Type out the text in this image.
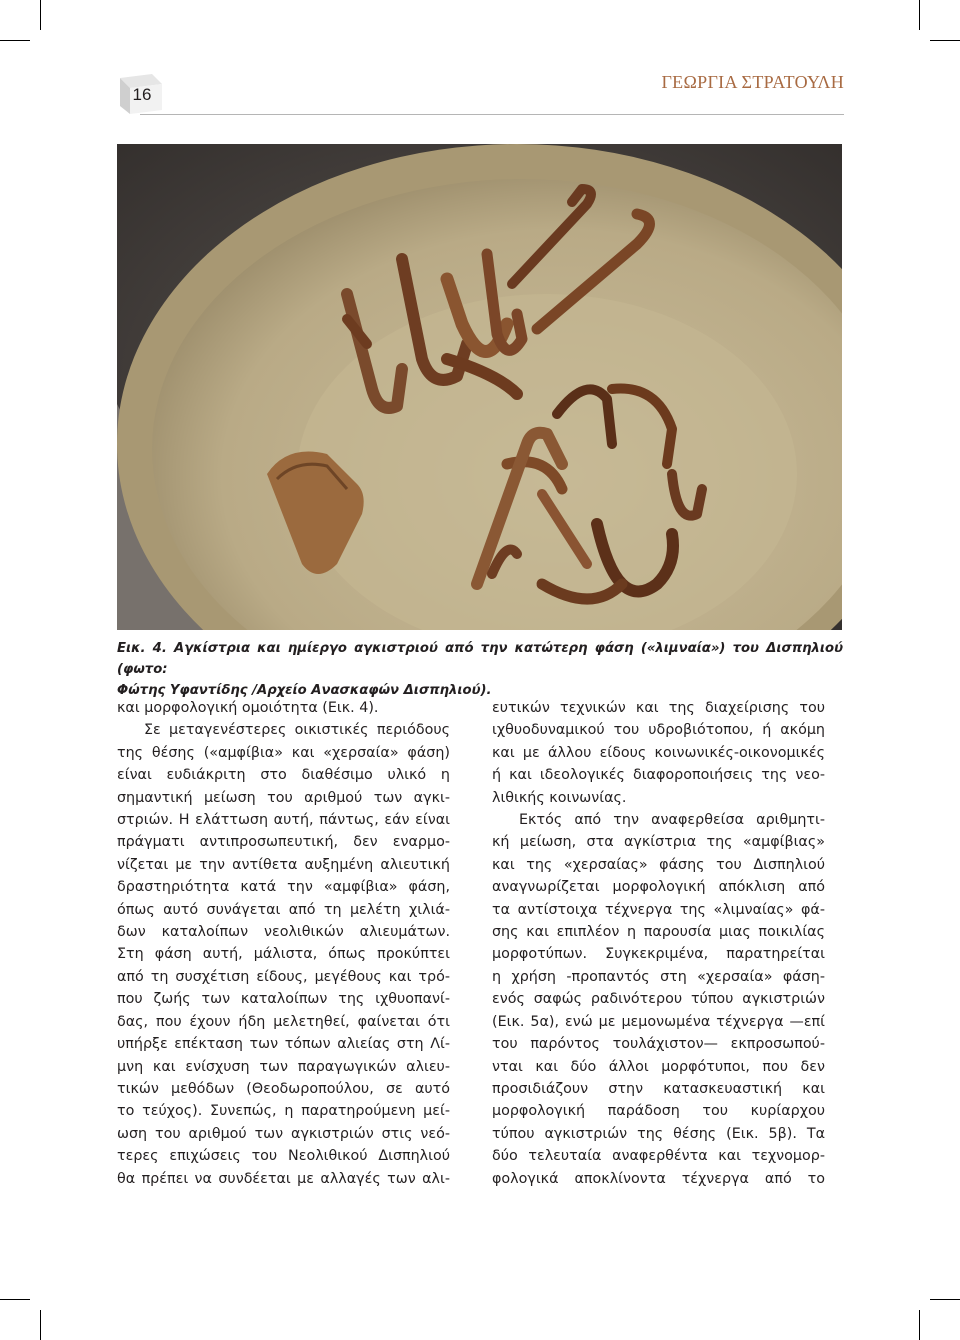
16
ΓΕΩΡΓΙΑ ΣΤΡΑΤΟΥΛΗ
Εικ. 4. Αγκίστρια και ημίεργο αγκιστριού από την κατώτερη φάση («λιμναία») του Δισπηλιού (φωτο:
Φώτης Υφαντίδης /Αρχείο Ανασκαφών Δισπηλιού).
και μορφολογική ομοιότητα (Εικ. 4).
Σε μεταγενέστερες οικιστικές περιόδους
της θέσης («αμφίβια» και «χερσαία» φάση)
είναι ευδιάκριτη στο διαθέσιμο υλικό η
σημαντική μείωση του αριθμού των αγκι-
στριών. Η ελάττωση αυτή, πάντως, εάν είναι
πράγματι αντιπροσωπευτική, δεν εναρμο-
νίζεται με την αντίθετα αυξημένη αλιευτική
δραστηριότητα κατά την «αμφίβια» φάση,
όπως αυτό συνάγεται από τη μελέτη χιλιά-
δων καταλοίπων νεολιθικών αλιευμάτων.
Στη φάση αυτή, μάλιστα, όπως προκύπτει
από τη συσχέτιση είδους, μεγέθους και τρό-
που ζωής των καταλοίπων της ιχθυοπανί-
δας, που έχουν ήδη μελετηθεί, φαίνεται ότι
υπήρξε επέκταση των τόπων αλιείας στη Λί-
μνη και ενίσχυση των παραγωγικών αλιευ-
τικών μεθόδων (Θεοδωροπούλου, σε αυτό
το τεύχος). Συνεπώς, η παρατηρούμενη μεί-
ωση του αριθμού των αγκιστριών στις νεό-
τερες επιχώσεις του Νεολιθικού Δισπηλιού
θα πρέπει να συνδέεται με αλλαγές των αλι-
ευτικών τεχνικών και της διαχείρισης του
ιχθυοδυναμικού του υδροβιότοπου, ή ακόμη
και με άλλου είδους κοινωνικές-οικονομικές
ή και ιδεολογικές διαφοροποιήσεις της νεο-
λιθικής κοινωνίας.
Εκτός από την αναφερθείσα αριθμητι-
κή μείωση, στα αγκίστρια της «αμφίβιας»
και της «χερσαίας» φάσης του Δισπηλιού
αναγνωρίζεται μορφολογική απόκλιση από
τα αντίστοιχα τέχνεργα της «λιμναίας» φά-
σης και επιπλέον η παρουσία μιας ποικιλίας
μορφοτύπων. Συγκεκριμένα, παρατηρείται
η χρήση -προπαντός στη «χερσαία» φάση-
ενός σαφώς ραδινότερου τύπου αγκιστριών
(Εικ. 5α), ενώ με μεμονωμένα τέχνεργα —επί
του παρόντος τουλάχιστον— εκπροσωπού-
νται και δύο άλλοι μορφότυποι, που δεν
προσιδιάζουν στην κατασκευαστική και
μορφολογική παράδοση του κυρίαρχου
τύπου αγκιστριών της θέσης (Εικ. 5β). Τα
δύο τελευταία αναφερθέντα και τεχνομορ-
φολογικά αποκλίνοντα τέχνεργα από το
